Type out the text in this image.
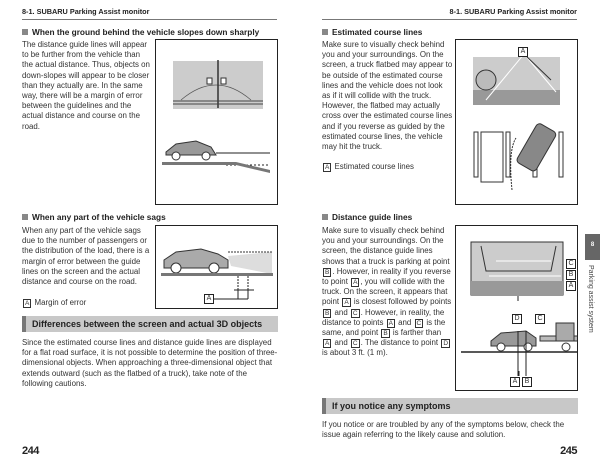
8-1. SUBARU Parking Assist monitor	8-1. SUBARU Parking Assist monitor
When the ground behind the vehicle slopes down sharply
The distance guide lines will appear to be further from the vehicle than the actual distance. Thus, objects on down-slopes will appear to be closer than they actually are. In the same way, there will be a margin of error between the guidelines and the actual distance and course on the road.
When any part of the vehicle sags
When any part of the vehicle sags due to the number of passengers or the distribution of the load, there is a margin of error between the guide lines on the screen and the actual distance and course on the road.
A Margin of error	A
Differences between the screen and actual 3D objects
Since the estimated course lines and distance guide lines are displayed for a flat road surface, it is not possible to determine the position of three-dimensional objects. When approaching a three-dimensional object that extends outward (such as the flatbed of a truck), take note of the following cautions.
244
Estimated course lines
Make sure to visually check behind you and your surroundings. On the screen, a truck flatbed may appear to be outside of the estimated course lines and the vehicle does not look as if it will collide with the truck. However, the flatbed may actually cross over the estimated course lines and if you reverse as guided by the estimated course lines, the vehicle may hit the truck.
A Estimated course lines
A
Distance guide lines
Make sure to visually check behind you and your surroundings. On the screen, the distance guide lines shows that a truck is parking at point B . However, in reality if you reverse to point A , you will collide with the truck. On the screen, it appears that point A is closest followed by points B and C . However, in reality, the distance to points A and C is the same, and point B is farther than A and C . The distance to point D is about 3 ft. (1 m).
C
B
A
D	C
A	B
If you notice any symptoms
If you notice or are troubled by any of the symptoms below, check the issue again referring to the likely cause and solution.
245
8
Parking assist system
